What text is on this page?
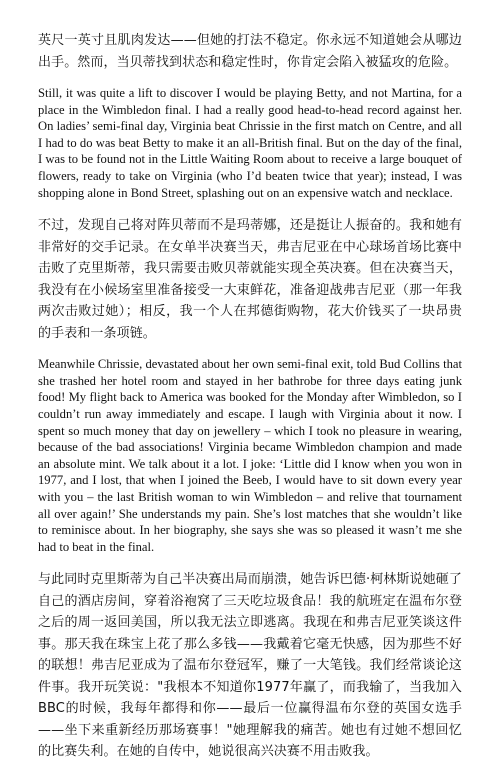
英尺一英寸且肌肉发达——但她的打法不稳定。你永远不知道她会从哪边出手。然而，当贝蒂找到状态和稳定性时，你肯定会陷入被猛攻的危险。

Still, it was quite a lift to discover I would be playing Betty, and not Martina, for a place in the Wimbledon final. I had a really good head-to-head record against her. On ladies’ semi-final day, Virginia beat Chrissie in the first match on Centre, and all I had to do was beat Betty to make it an all-British final. But on the day of the final, I was to be found not in the Little Waiting Room about to receive a large bouquet of flowers, ready to take on Virginia (who I’d beaten twice that year); instead, I was shopping alone in Bond Street, splashing out on an expensive watch and necklace.

不过，发现自己将对阵贝蒂而不是玛蒂娜，还是挺让人振奋的。我和她有非常好的交手记录。在女单半决赛当天，弗吉尼亚在中心球场首场比赛中击败了克里斯蒂，我只需要击败贝蒂就能实现全英决赛。但在决赛当天，我没有在小候场室里准备接受一大束鲜花，准备迎战弗吉尼亚（那一年我两次击败过她）；相反，我一个人在邦德街购物，花大价钱买了一块昂贵的手表和一条项链。

Meanwhile Chrissie, devastated about her own semi-final exit, told Bud Collins that she trashed her hotel room and stayed in her bathrobe for three days eating junk food! My flight back to America was booked for the Monday after Wimbledon, so I couldn’t run away immediately and escape. I laugh with Virginia about it now. I spent so much money that day on jewellery – which I took no pleasure in wearing, because of the bad associations! Virginia became Wimbledon champion and made an absolute mint. We talk about it a lot. I joke: ‘Little did I know when you won in 1977, and I lost, that when I joined the Beeb, I would have to sit down every year with you – the last British woman to win Wimbledon – and relive that tournament all over again!’ She understands my pain. She’s lost matches that she wouldn’t like to reminisce about. In her biography, she says she was so pleased it wasn’t me she had to beat in the final.

与此同时克里斯蒂为自己半决赛出局而崩溃，她告诉巴德·柯林斯说她砸了自己的酒店房间，穿着浴袍窝了三天吃垃圾食品！我的航班定在温布尔登之后的周一返回美国，所以我无法立即逃离。我现在和弗吉尼亚笑谈这件事。那天我在珠宝上花了那么多钱——我戴着它毫无快感，因为那些不好的联想！弗吉尼亚成为了温布尔登冠军，赚了一大笔钱。我们经常谈论这件事。我开玩笑说："我根本不知道你1977年赢了，而我输了，当我加入BBC的时候，我每年都得和你——最后一位赢得温布尔登的英国女选手——坐下来重新经历那场赛事！"她理解我的痛苦。她也有过她不想回忆的比赛失利。在她的自传中，她说很高兴决赛不用击败我。
